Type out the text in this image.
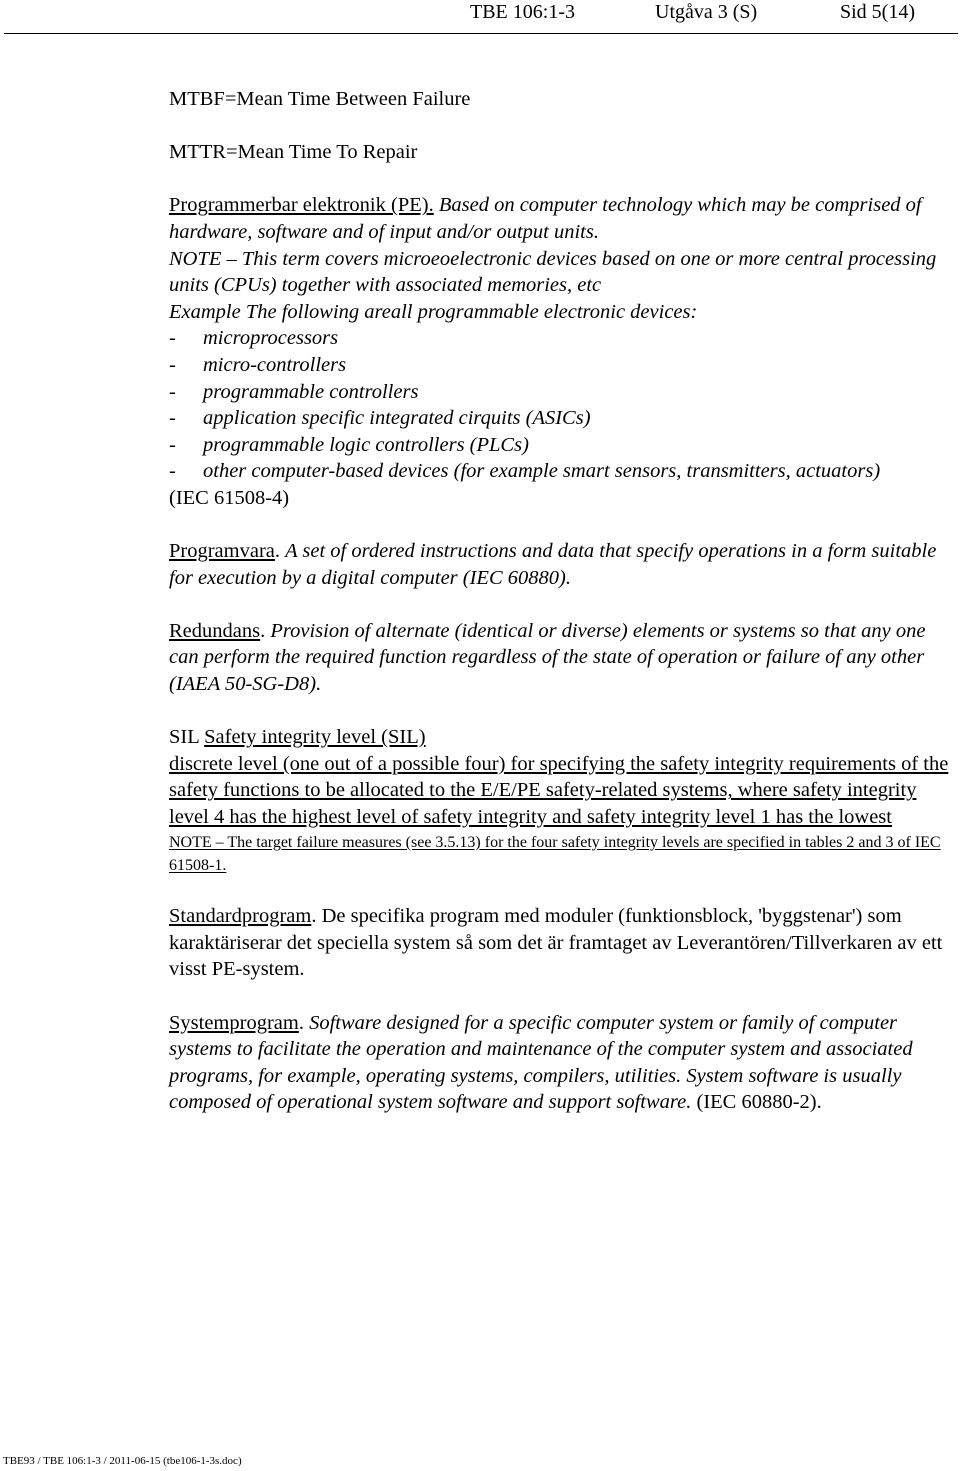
TBE 106:1-3	Utgåva 3 (S)	Sid 5(14)

MTBF=Mean Time Between Failure

MTTR=Mean Time To Repair

Programmerbar elektronik (PE). Based on computer technology which may be comprised of hardware, software and of input and/or output units.

NOTE – This term covers microeoelectronic devices based on one or more central processing units (CPUs) together with associated memories, etc

Example The following areall programmable electronic devices:

-	microprocessors
-	micro-controllers
-	programmable controllers
-	application specific integrated cirquits (ASICs)
-	programmable logic controllers (PLCs)
-	other computer-based devices (for example smart sensors, transmitters, actuators)

(IEC 61508-4)

Programvara. A set of ordered instructions and data that specify operations in a form suitable for execution by a digital computer (IEC 60880).

Redundans. Provision of alternate (identical or diverse) elements or systems so that any one can perform the required function regardless of the state of operation or failure of any other (IAEA 50-SG-D8).

SIL Safety integrity level (SIL)

discrete level (one out of a possible four) for specifying the safety integrity requirements of the safety functions to be allocated to the E/E/PE safety-related systems, where safety integrity level 4 has the highest level of safety integrity and safety integrity level 1 has the lowest

NOTE – The target failure measures (see 3.5.13) for the four safety integrity levels are specified in tables 2 and 3 of IEC 61508-1.

Standardprogram. De specifika program med moduler (funktionsblock, 'byggstenar') som karaktäriserar det speciella system så som det är framtaget av Leverantören/Tillverkaren av ett visst PE-system.

Systemprogram. Software designed for a specific computer system or family of computer systems to facilitate the operation and maintenance of the computer system and associated programs, for example, operating systems, compilers, utilities. System software is usually composed of operational system software and support software. (IEC 60880-2).

TBE93 / TBE 106:1-3 / 2011-06-15 (tbe106-1-3s.doc)
